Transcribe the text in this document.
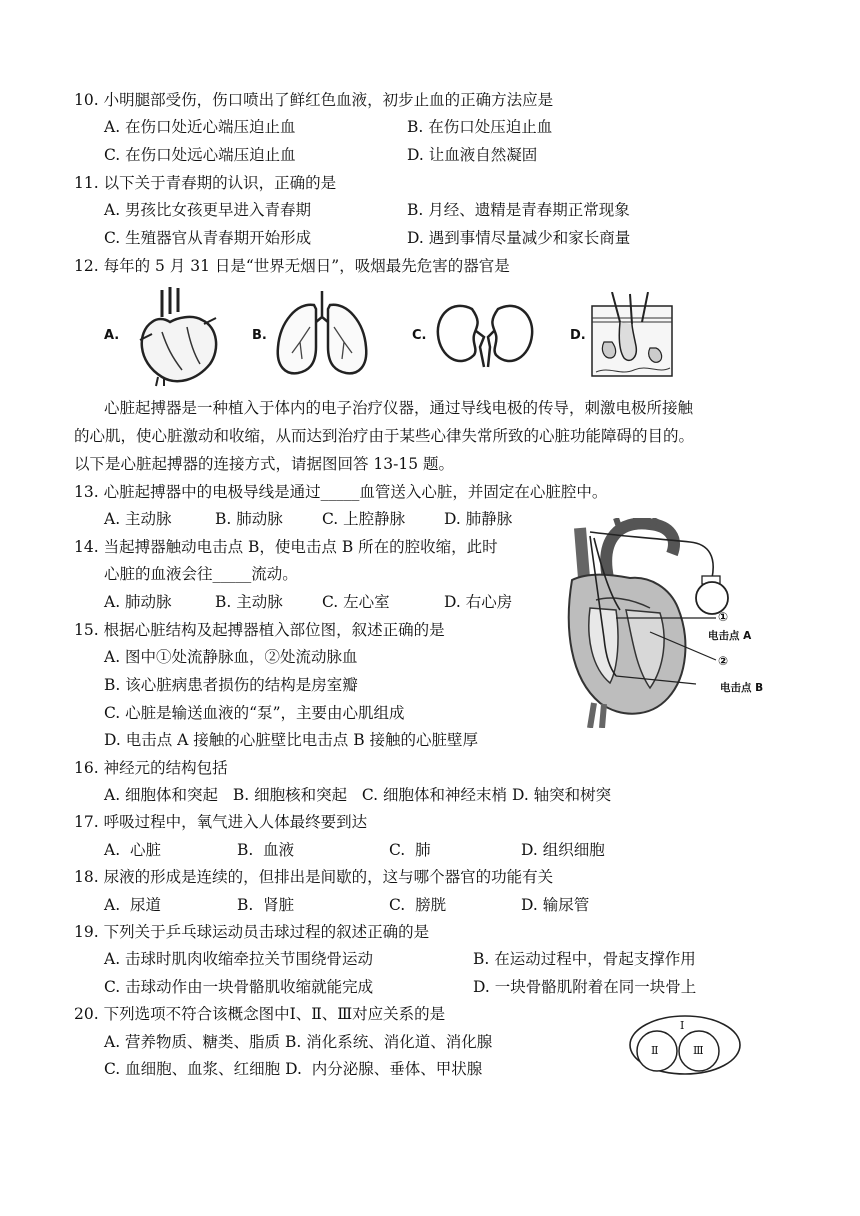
10. 小明腿部受伤，伤口喷出了鲜红色血液，初步止血的正确方法应是
A. 在伤口处近心端压迫止血	B. 在伤口处压迫止血
C. 在伤口处远心端压迫止血	D. 让血液自然凝固
11. 以下关于青春期的认识，正确的是
A. 男孩比女孩更早进入青春期	B. 月经、遗精是青春期正常现象
C. 生殖器官从青春期开始形成	D. 遇到事情尽量减少和家长商量
12. 每年的 5 月 31 日是“世界无烟日”，吸烟最先危害的器官是
A.	B.	C.	D.
心脏起搏器是一种植入于体内的电子治疗仪器，通过导线电极的传导，刺激电极所接触
的心肌，使心脏激动和收缩，从而达到治疗由于某些心律失常所致的心脏功能障碍的目的。
以下是心脏起搏器的连接方式，请据图回答 13-15 题。
13. 心脏起搏器中的电极导线是通过_____血管送入心脏，并固定在心脏腔中。
A. 主动脉	B. 肺动脉	C. 上腔静脉	D. 肺静脉
14. 当起搏器触动电击点 B，使电击点 B 所在的腔收缩，此时
心脏的血液会往_____流动。
A. 肺动脉	B. 主动脉	C. 左心室	D. 右心房
15. 根据心脏结构及起搏器植入部位图，叙述正确的是
A. 图中①处流静脉血，②处流动脉血
B. 该心脏病患者损伤的结构是房室瓣
C. 心脏是输送血液的“泵”，主要由心肌组成
D. 电击点 A 接触的心脏壁比电击点 B 接触的心脏壁厚
①
电击点 A
②
电击点 B
16. 神经元的结构包括
A. 细胞体和突起   B. 细胞核和突起   C. 细胞体和神经末梢 D. 轴突和树突
17. 呼吸过程中，氧气进入人体最终要到达
A.  心脏	B.  血液	C.  肺	D. 组织细胞
18. 尿液的形成是连续的，但排出是间歇的，这与哪个器官的功能有关
A.  尿道	B.  肾脏	C.  膀胱	D. 输尿管
19. 下列关于乒乓球运动员击球过程的叙述正确的是
A. 击球时肌肉收缩牵拉关节围绕骨运动	B. 在运动过程中，骨起支撑作用
C. 击球动作由一块骨骼肌收缩就能完成	D. 一块骨骼肌附着在同一块骨上
20. 下列选项不符合该概念图中Ⅰ、Ⅱ、Ⅲ对应关系的是
A. 营养物质、糖类、脂质 B. 消化系统、消化道、消化腺
C. 血细胞、血浆、红细胞 D.  内分泌腺、垂体、甲状腺
Ⅰ
Ⅱ	Ⅲ
